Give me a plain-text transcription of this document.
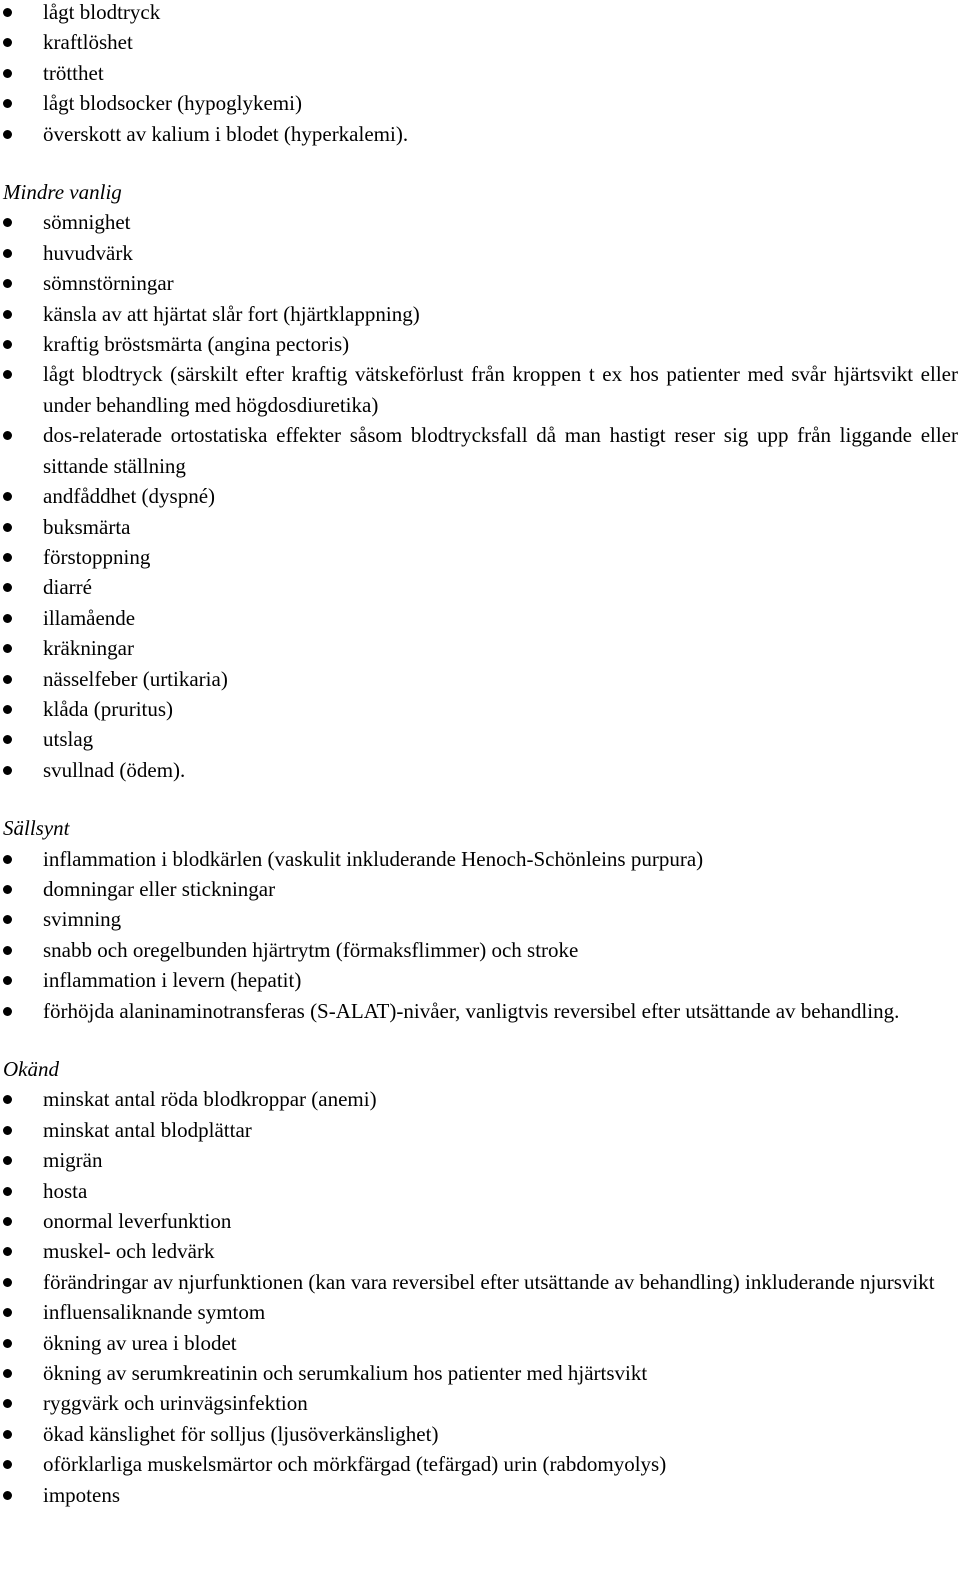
lågt blodtryck
kraftlöshet
trötthet
lågt blodsocker (hypoglykemi)
överskott av kalium i blodet (hyperkalemi).
Mindre vanlig
sömnighet
huvudvärk
sömnstörningar
känsla av att hjärtat slår fort (hjärtklappning)
kraftig bröstsmärta (angina pectoris)
lågt blodtryck (särskilt efter kraftig vätskeförlust från kroppen t ex hos patienter med svår hjärtsvikt eller under behandling med högdosdiuretika)
dos-relaterade ortostatiska effekter såsom blodtrycksfall då man hastigt reser sig upp från liggande eller sittande ställning
andfåddhet (dyspné)
buksmärta
förstoppning
diarré
illamående
kräkningar
nässelfeber (urtikaria)
klåda (pruritus)
utslag
svullnad (ödem).
Sällsynt
inflammation i blodkärlen (vaskulit inkluderande Henoch-Schönleins purpura)
domningar eller stickningar
svimning
snabb och oregelbunden hjärtrytm (förmaksflimmer) och stroke
inflammation i levern (hepatit)
förhöjda alaninaminotransferas (S-ALAT)-nivåer, vanligtvis reversibel efter utsättande av behandling.
Okänd
minskat antal röda blodkroppar (anemi)
minskat antal blodplättar
migrän
hosta
onormal leverfunktion
muskel- och ledvärk
förändringar av njurfunktionen (kan vara reversibel efter utsättande av behandling) inkluderande njursvikt
influensaliknande symtom
ökning av urea i blodet
ökning av serumkreatinin och serumkalium hos patienter med hjärtsvikt
ryggvärk och urinvägsinfektion
ökad känslighet för solljus (ljusöverkänslighet)
oförklarliga muskelsmärtor och mörkfärgad (tefärgad) urin (rabdomyolys)
impotens
